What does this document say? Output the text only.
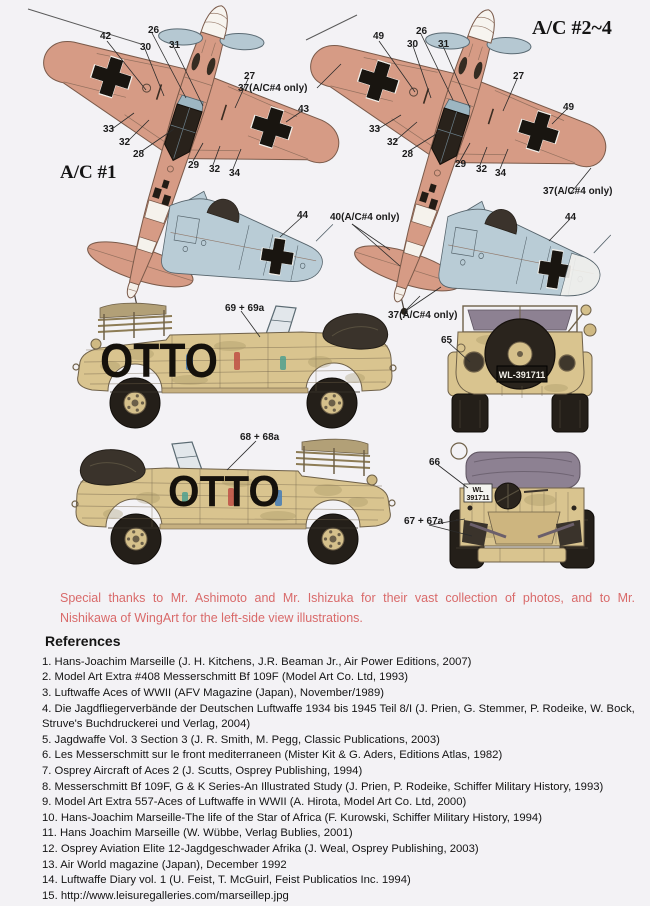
OTTO
OTTO
WL-391711
WL
391711
A/C #1
A/C #2~4
42
26
30 31
27
43
33
32
28
29 32 34
49	26
30 31
27
49
33
32
28
29 32 34
37(A/C#4 only)
37(A/C#4 only)
40(A/C#4 only)
37(A/C#4 only)
44	44
69 + 69a
65
68 + 68a
66
67 + 67a
Special thanks to Mr. Ashimoto and Mr. Ishizuka for their vast collection of photos, and to Mr.
Nishikawa of WingArt for the left-side view illustrations.
References
1. Hans-Joachim Marseille (J. H. Kitchens, J.R. Beaman Jr., Air Power Editions, 2007)
2. Model Art Extra #408 Messerschmitt Bf 109F (Model Art Co. Ltd, 1993)
3. Luftwaffe Aces of WWII (AFV Magazine (Japan), November/1989)
4. Die Jagdfliegerverbände der Deutschen Luftwaffe 1934 bis 1945 Teil 8/I (J. Prien, G. Stemmer, P. Rodeike, W. Bock, Struve's Buchdruckerei und Verlag, 2004)
5. Jagdwaffe Vol. 3 Section 3 (J. R. Smith, M. Pegg, Classic Publications, 2003)
6. Les Messerschmitt sur le front mediterraneen (Mister Kit & G. Aders, Editions Atlas, 1982)
7. Osprey Aircraft of Aces 2 (J. Scutts, Osprey Publishing, 1994)
8. Messerschmitt Bf 109F, G & K Series-An Illustrated Study (J. Prien, P. Rodeike, Schiffer Military History, 1993)
9. Model Art Extra 557-Aces of Luftwaffe in WWII (A. Hirota, Model Art Co. Ltd, 2000)
10. Hans-Joachim Marseille-The life of the Star of Africa (F. Kurowski, Schiffer Military History, 1994)
11. Hans Joachim Marseille (W. Wübbe, Verlag Bublies, 2001)
12. Osprey Aviation Elite 12-Jagdgeschwader Afrika (J. Weal, Osprey Publishing, 2003)
13. Air World magazine (Japan), December 1992
14. Luftwaffe Diary vol. 1 (U. Feist, T. McGuirl, Feist Publicatios Inc. 1994)
15. http://www.leisuregalleries.com/marseillep.jpg
